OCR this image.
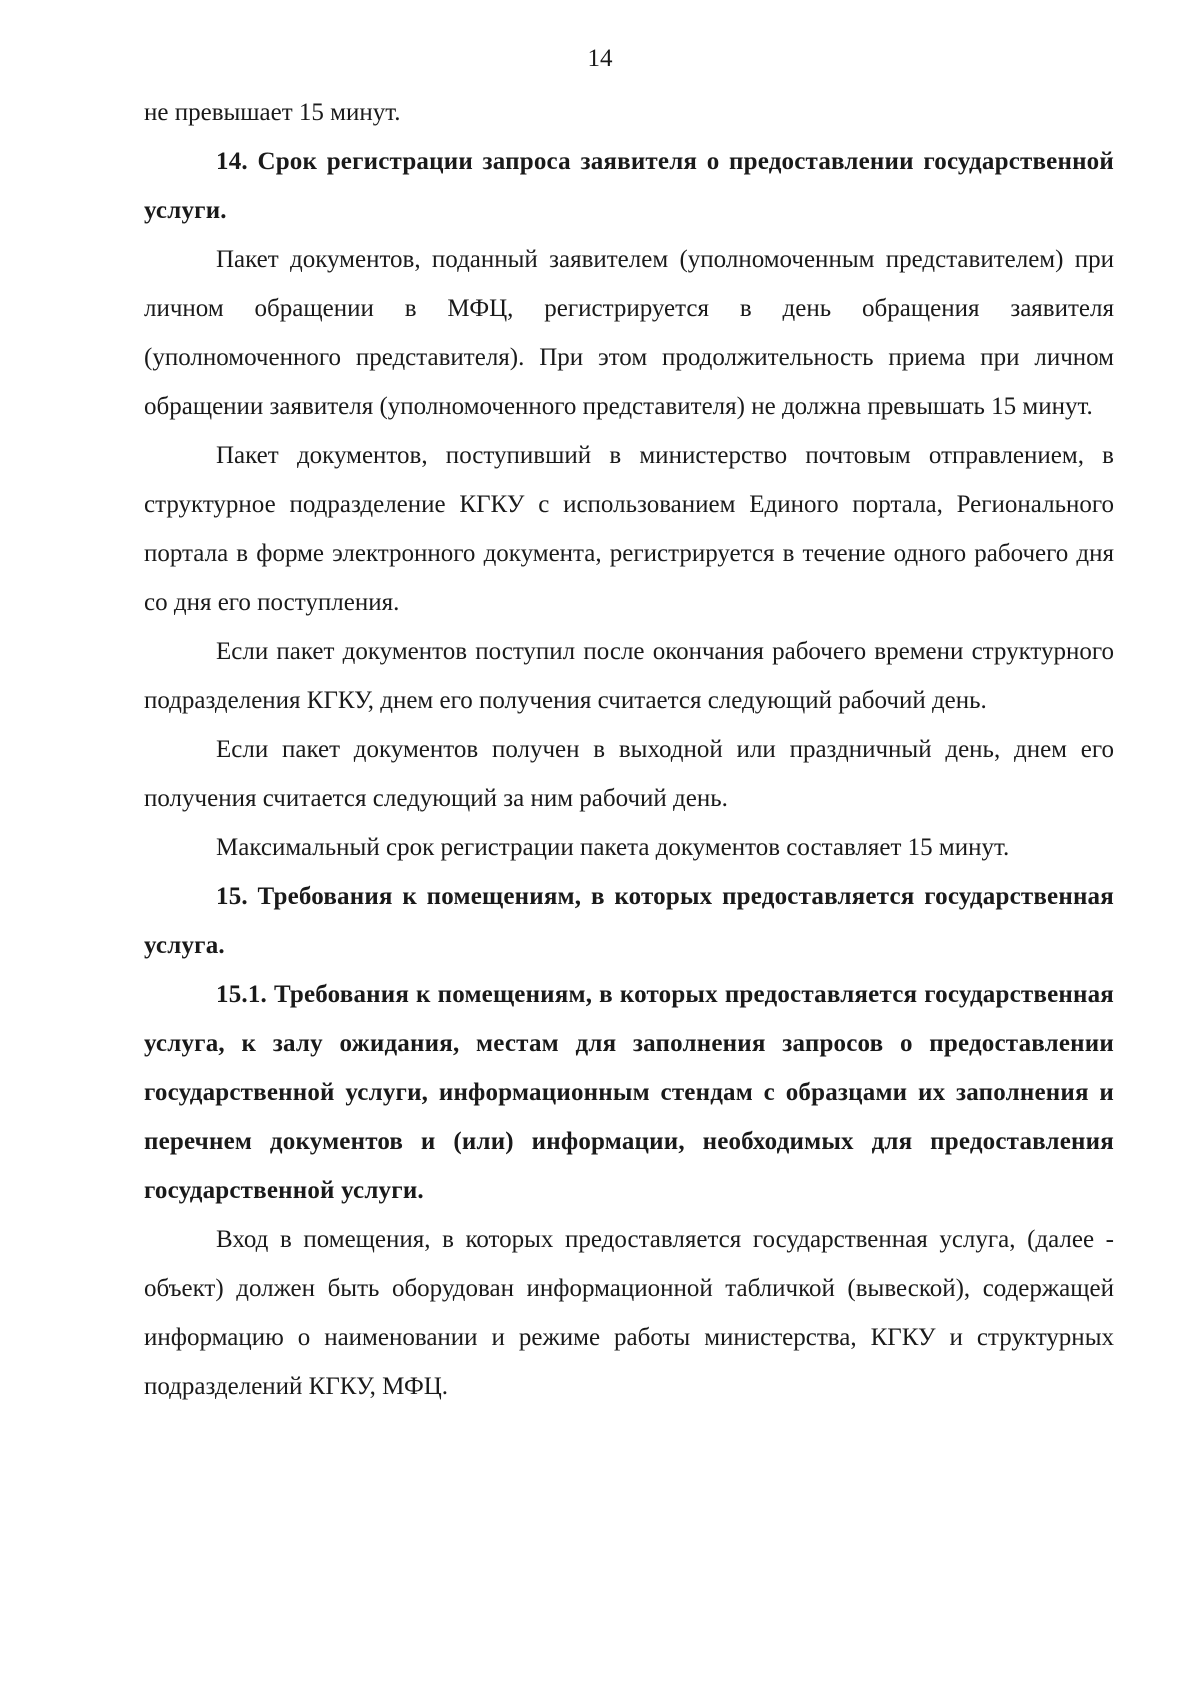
14

не превышает 15 минут.

14. Срок регистрации запроса заявителя о предоставлении государственной услуги.

Пакет документов, поданный заявителем (уполномоченным представителем) при личном обращении в МФЦ, регистрируется в день обращения заявителя (уполномоченного представителя). При этом продолжительность приема при личном обращении заявителя (уполномоченного представителя) не должна превышать 15 минут.

Пакет документов, поступивший в министерство почтовым отправлением, в структурное подразделение КГКУ с использованием Единого портала, Регионального портала в форме электронного документа, регистрируется в течение одного рабочего дня со дня его поступления.

Если пакет документов поступил после окончания рабочего времени структурного подразделения КГКУ, днем его получения считается следующий рабочий день.

Если пакет документов получен в выходной или праздничный день, днем его получения считается следующий за ним рабочий день.

Максимальный срок регистрации пакета документов составляет 15 минут.

15. Требования к помещениям, в которых предоставляется государственная услуга.

15.1. Требования к помещениям, в которых предоставляется государственная услуга, к залу ожидания, местам для заполнения запросов о предоставлении государственной услуги, информационным стендам с образцами их заполнения и перечнем документов и (или) информации, необходимых для предоставления государственной услуги.

Вход в помещения, в которых предоставляется государственная услуга, (далее - объект) должен быть оборудован информационной табличкой (вывеской), содержащей информацию о наименовании и режиме работы министерства, КГКУ и структурных подразделений КГКУ, МФЦ.
